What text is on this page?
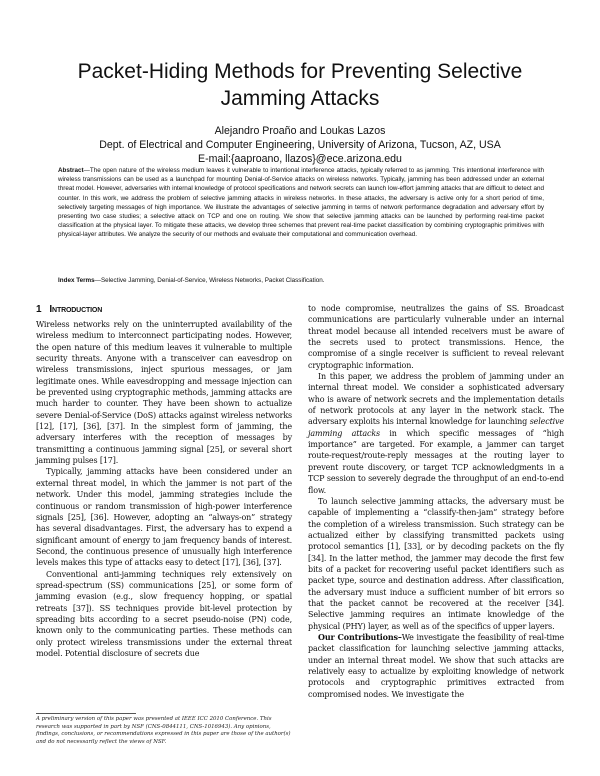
Packet-Hiding Methods for Preventing Selective Jamming Attacks
Alejandro Proaño and Loukas Lazos
Dept. of Electrical and Computer Engineering, University of Arizona, Tucson, AZ, USA
E-mail:{aaproano, llazos}@ece.arizona.edu
Abstract—The open nature of the wireless medium leaves it vulnerable to intentional interference attacks, typically referred to as jamming. This intentional interference with wireless transmissions can be used as a launchpad for mounting Denial-of-Service attacks on wireless networks. Typically, jamming has been addressed under an external threat model. However, adversaries with internal knowledge of protocol specifications and network secrets can launch low-effort jamming attacks that are difficult to detect and counter. In this work, we address the problem of selective jamming attacks in wireless networks. In these attacks, the adversary is active only for a short period of time, selectively targeting messages of high importance. We illustrate the advantages of selective jamming in terms of network performance degradation and adversary effort by presenting two case studies; a selective attack on TCP and one on routing. We show that selective jamming attacks can be launched by performing real-time packet classification at the physical layer. To mitigate these attacks, we develop three schemes that prevent real-time packet classification by combining cryptographic primitives with physical-layer attributes. We analyze the security of our methods and evaluate their computational and communication overhead.
Index Terms—Selective Jamming, Denial-of-Service, Wireless Networks, Packet Classification.
1 Introduction

Wireless networks rely on the uninterrupted availability of the wireless medium to interconnect participating nodes. However, the open nature of this medium leaves it vulnerable to multiple security threats. Anyone with a transceiver can eavesdrop on wireless transmissions, inject spurious messages, or jam legitimate ones. While eavesdropping and message injection can be prevented using cryptographic methods, jamming attacks are much harder to counter. They have been shown to actualize severe Denial-of-Service (DoS) attacks against wireless networks [12], [17], [36], [37]. In the simplest form of jamming, the adversary interferes with the reception of messages by transmitting a continuous jamming signal [25], or several short jamming pulses [17].

Typically, jamming attacks have been considered under an external threat model, in which the jammer is not part of the network. Under this model, jamming strategies include the continuous or random transmission of high-power interference signals [25], [36]. However, adopting an “always-on” strategy has several disadvantages. First, the adversary has to expend a significant amount of energy to jam frequency bands of interest. Second, the continuous presence of unusually high interference levels makes this type of attacks easy to detect [17], [36], [37].

Conventional anti-jamming techniques rely extensively on spread-spectrum (SS) communications [25], or some form of jamming evasion (e.g., slow frequency hopping, or spatial retreats [37]). SS techniques provide bit-level protection by spreading bits according to a secret pseudo-noise (PN) code, known only to the communicating parties. These methods can only protect wireless transmissions under the external threat model. Potential disclosure of secrets due

to node compromise, neutralizes the gains of SS. Broadcast communications are particularly vulnerable under an internal threat model because all intended receivers must be aware of the secrets used to protect transmissions. Hence, the compromise of a single receiver is sufficient to reveal relevant cryptographic information.

In this paper, we address the problem of jamming under an internal threat model. We consider a sophisticated adversary who is aware of network secrets and the implementation details of network protocols at any layer in the network stack. The adversary exploits his internal knowledge for launching selective jamming attacks in which specific messages of “high importance” are targeted. For example, a jammer can target route-request/route-reply messages at the routing layer to prevent route discovery, or target TCP acknowledgments in a TCP session to severely degrade the throughput of an end-to-end flow.

To launch selective jamming attacks, the adversary must be capable of implementing a “classify-then-jam” strategy before the completion of a wireless transmission. Such strategy can be actualized either by classifying transmitted packets using protocol semantics [1], [33], or by decoding packets on the fly [34]. In the latter method, the jammer may decode the first few bits of a packet for recovering useful packet identifiers such as packet type, source and destination address. After classification, the adversary must induce a sufficient number of bit errors so that the packet cannot be recovered at the receiver [34]. Selective jamming requires an intimate knowledge of the physical (PHY) layer, as well as of the specifics of upper layers.

Our Contributions–We investigate the feasibility of real-time packet classification for launching selective jamming attacks, under an internal threat model. We show that such attacks are relatively easy to actualize by exploiting knowledge of network protocols and cryptographic primitives extracted from compromised nodes. We investigate the

A preliminary version of this paper was presented at IEEE ICC 2010 Conference. This research was supported in part by NSF (CNS-0844111, CNS-1016943). Any opinions, findings, conclusions, or recommendations expressed in this paper are those of the author(s) and do not necessarily reflect the views of NSF.
